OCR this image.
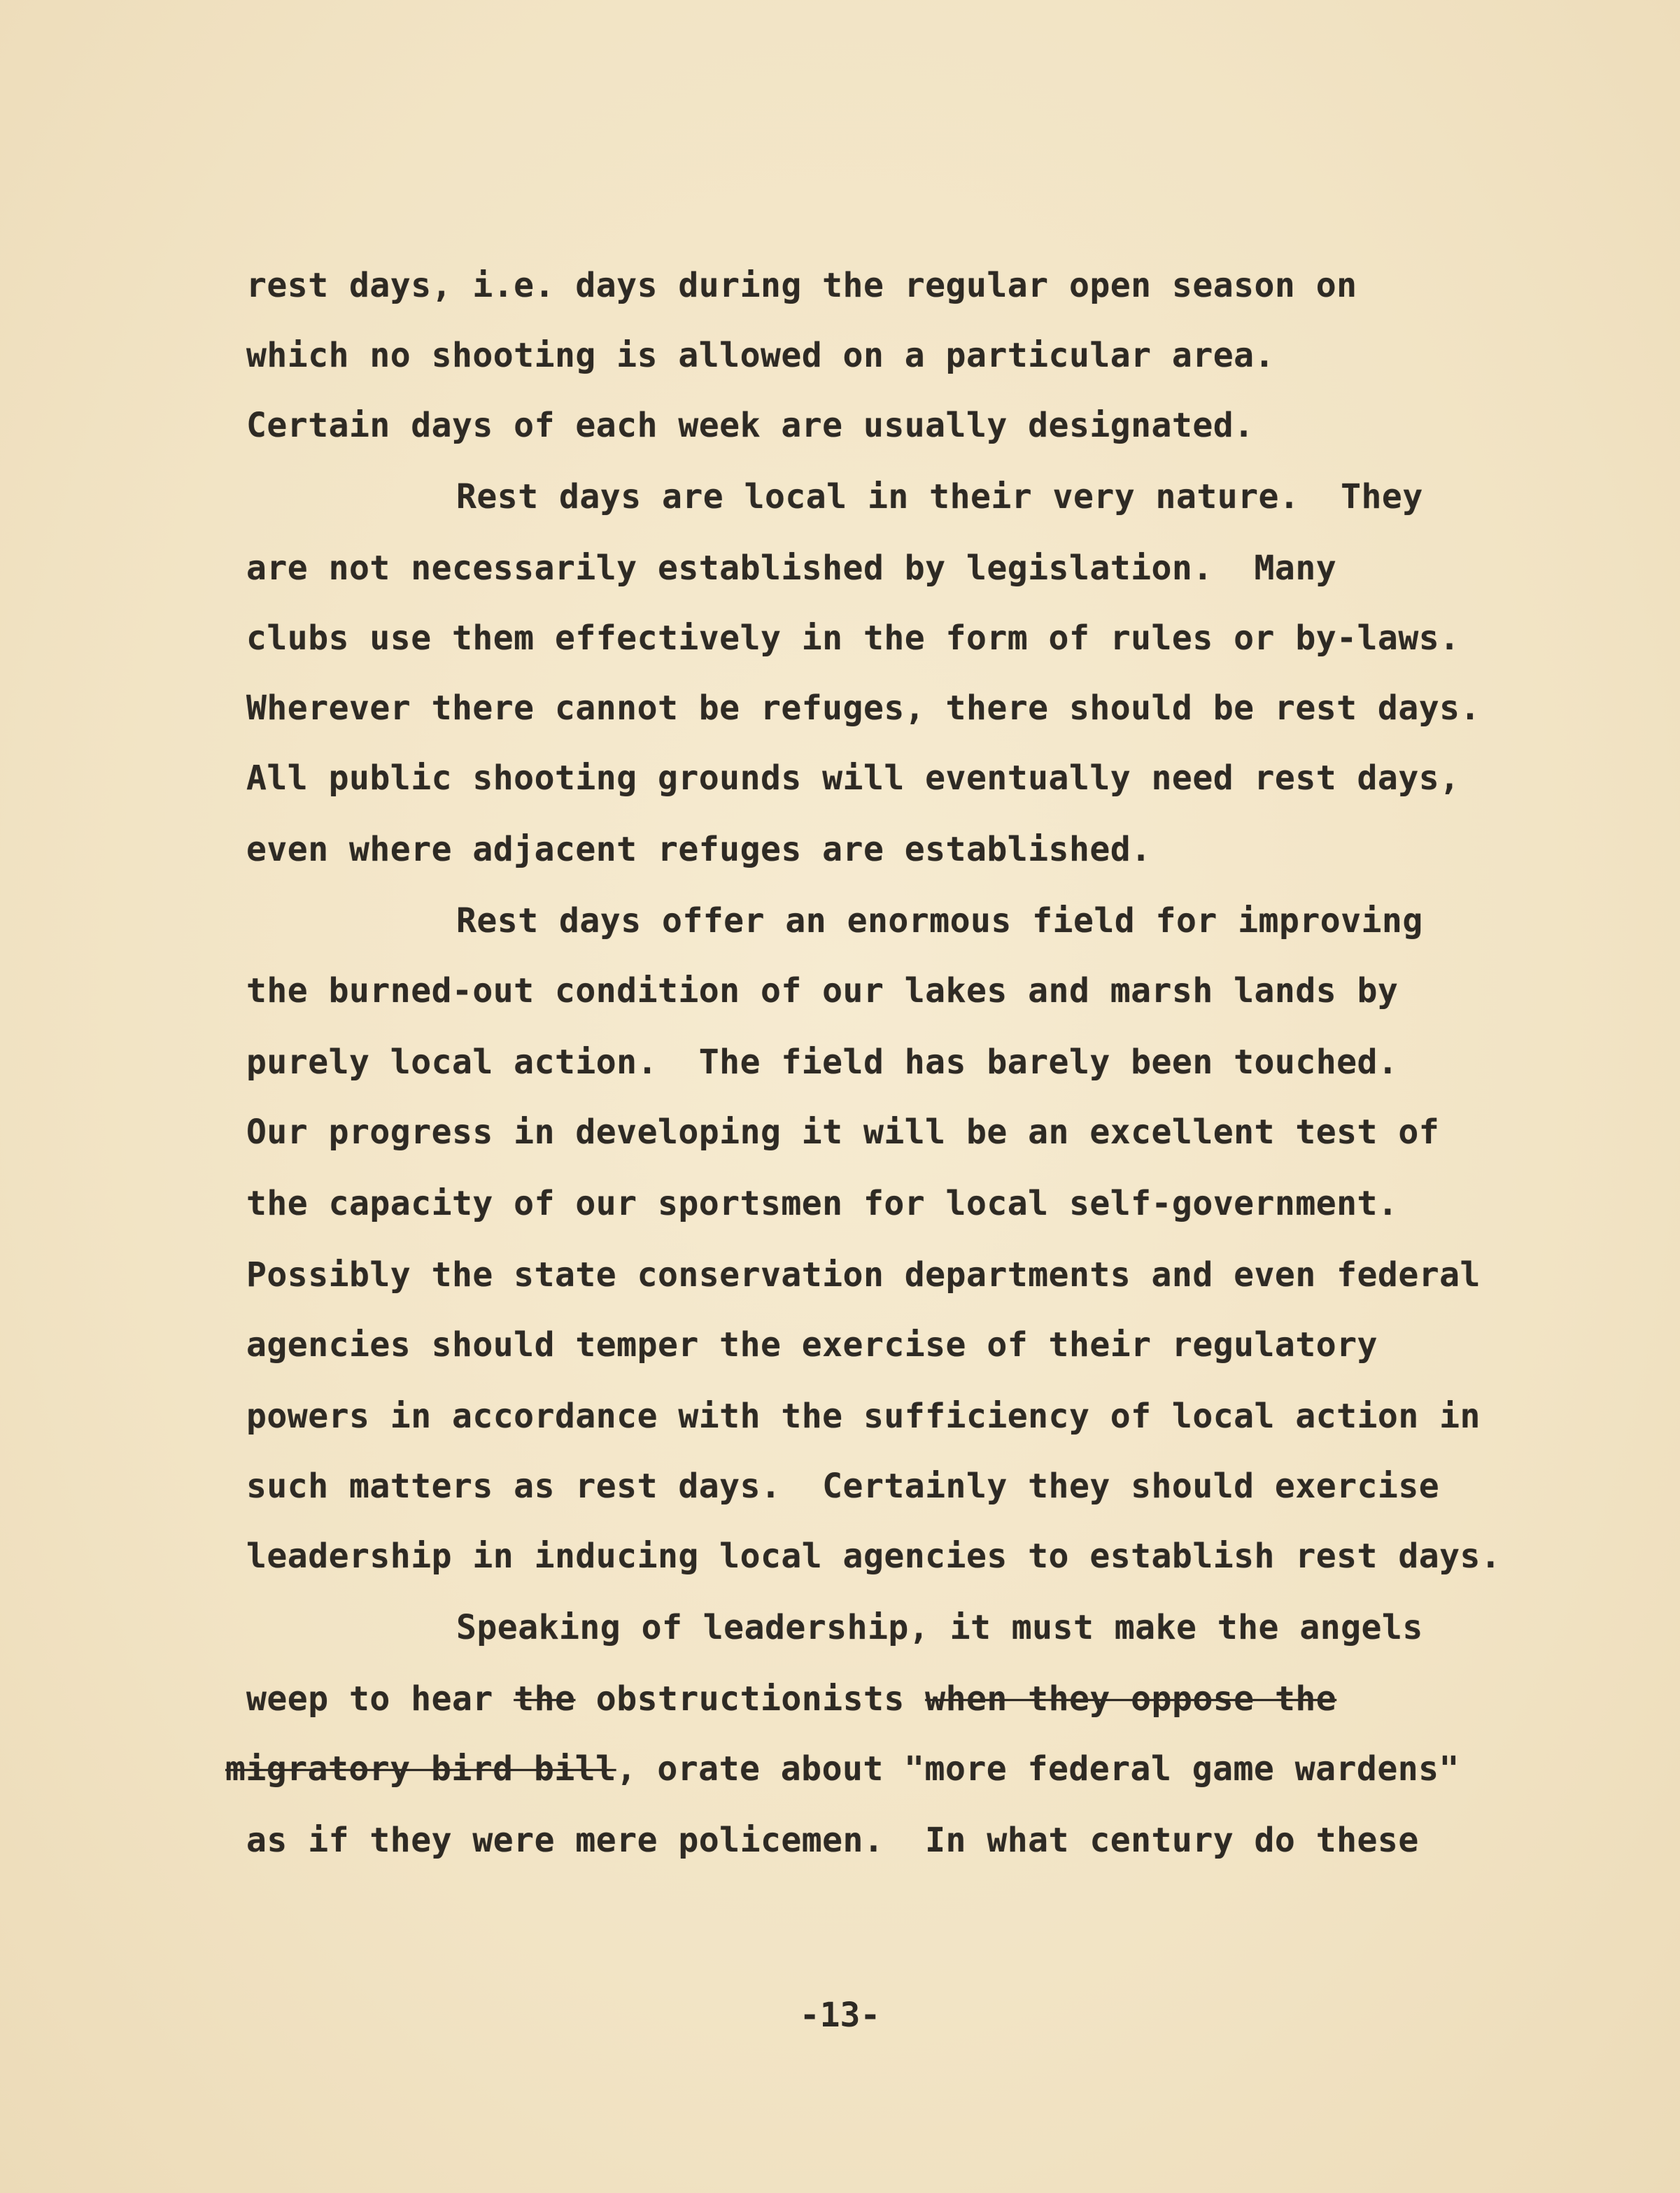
rest days, i.e. days during the regular open season on
which no shooting is allowed on a particular area.
Certain days of each week are usually designated.
Rest days are local in their very nature.  They
are not necessarily established by legislation.  Many
clubs use them effectively in the form of rules or by-laws.
Wherever there cannot be refuges, there should be rest days.
All public shooting grounds will eventually need rest days,
even where adjacent refuges are established.
Rest days offer an enormous field for improving
the burned-out condition of our lakes and marsh lands by
purely local action.  The field has barely been touched.
Our progress in developing it will be an excellent test of
the capacity of our sportsmen for local self-government.
Possibly the state conservation departments and even federal
agencies should temper the exercise of their regulatory
powers in accordance with the sufficiency of local action in
such matters as rest days.  Certainly they should exercise
leadership in inducing local agencies to establish rest days.
Speaking of leadership, it must make the angels
weep to hear the obstructionists when they oppose the
migratory bird bill, orate about "more federal game wardens"
as if they were mere policemen.  In what century do these
-13-
